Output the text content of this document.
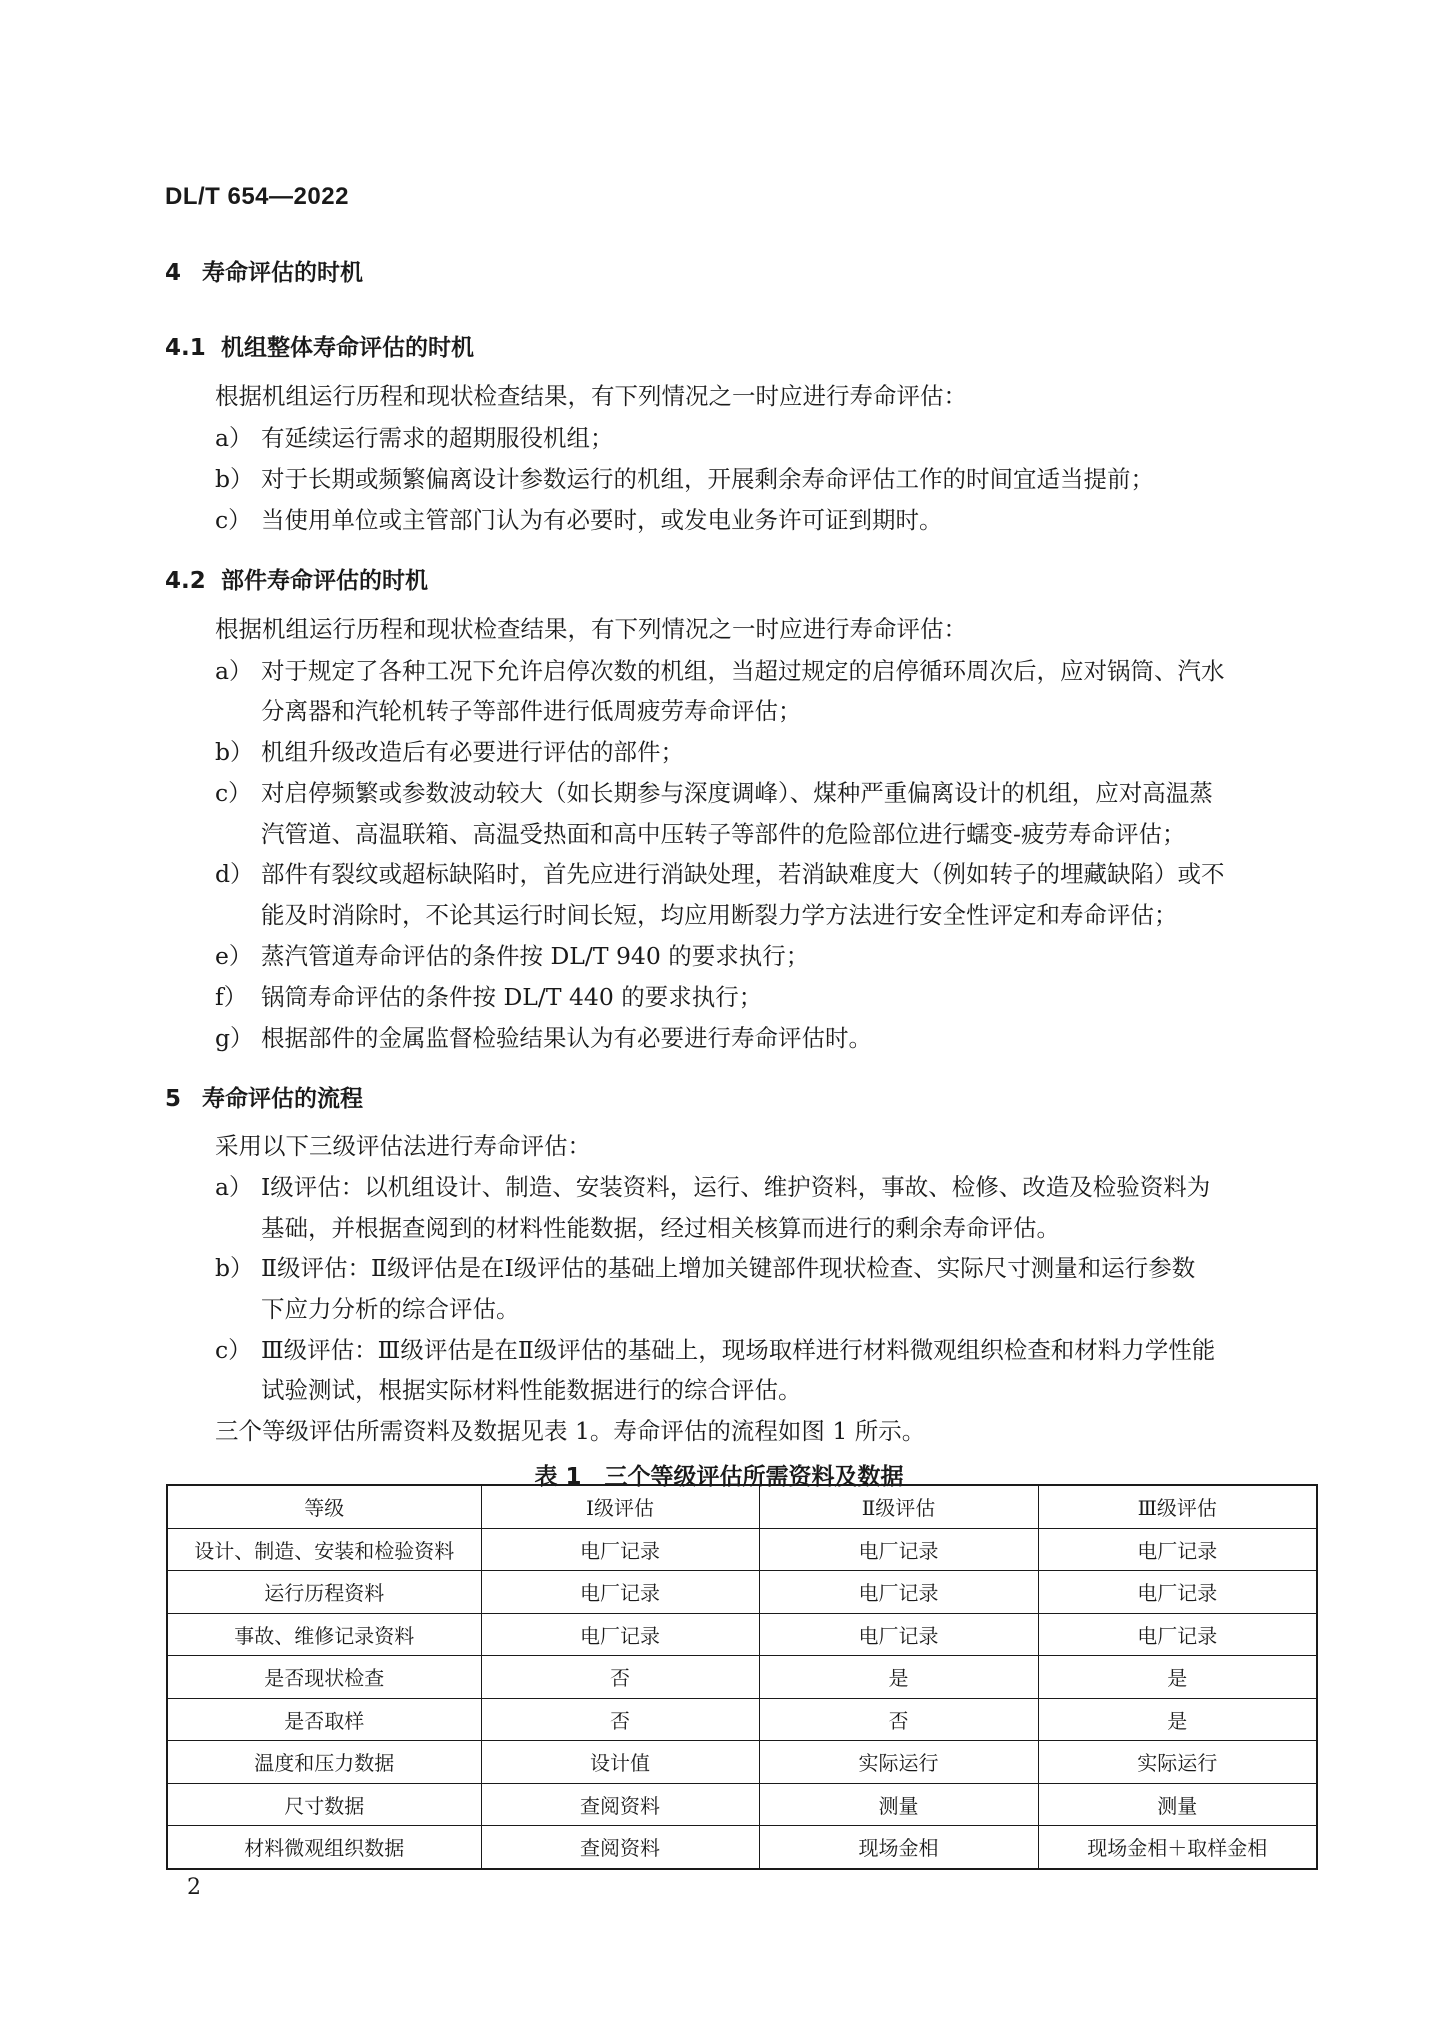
DL/T 654—2022
4 寿命评估的时机
4.1 机组整体寿命评估的时机
根据机组运行历程和现状检查结果，有下列情况之一时应进行寿命评估：
a） 有延续运行需求的超期服役机组；
b） 对于长期或频繁偏离设计参数运行的机组，开展剩余寿命评估工作的时间宜适当提前；
c） 当使用单位或主管部门认为有必要时，或发电业务许可证到期时。
4.2 部件寿命评估的时机
根据机组运行历程和现状检查结果，有下列情况之一时应进行寿命评估：
a） 对于规定了各种工况下允许启停次数的机组，当超过规定的启停循环周次后，应对锅筒、汽水
分离器和汽轮机转子等部件进行低周疲劳寿命评估；
b） 机组升级改造后有必要进行评估的部件；
c） 对启停频繁或参数波动较大（如长期参与深度调峰）、煤种严重偏离设计的机组，应对高温蒸
汽管道、高温联箱、高温受热面和高中压转子等部件的危险部位进行蠕变-疲劳寿命评估；
d） 部件有裂纹或超标缺陷时，首先应进行消缺处理，若消缺难度大（例如转子的埋藏缺陷）或不
能及时消除时，不论其运行时间长短，均应用断裂力学方法进行安全性评定和寿命评估；
e） 蒸汽管道寿命评估的条件按 DL/T 940 的要求执行；
f） 锅筒寿命评估的条件按 DL/T 440 的要求执行；
g） 根据部件的金属监督检验结果认为有必要进行寿命评估时。
5 寿命评估的流程
采用以下三级评估法进行寿命评估：
a） Ⅰ级评估：以机组设计、制造、安装资料，运行、维护资料，事故、检修、改造及检验资料为
基础，并根据查阅到的材料性能数据，经过相关核算而进行的剩余寿命评估。
b） Ⅱ级评估：Ⅱ级评估是在Ⅰ级评估的基础上增加关键部件现状检查、实际尺寸测量和运行参数
下应力分析的综合评估。
c） Ⅲ级评估：Ⅲ级评估是在Ⅱ级评估的基础上，现场取样进行材料微观组织检查和材料力学性能
试验测试，根据实际材料性能数据进行的综合评估。
三个等级评估所需资料及数据见表 1。寿命评估的流程如图 1 所示。
表 1　三个等级评估所需资料及数据
等级	Ⅰ级评估	Ⅱ级评估	Ⅲ级评估
设计、制造、安装和检验资料	电厂记录	电厂记录	电厂记录
运行历程资料	电厂记录	电厂记录	电厂记录
事故、维修记录资料	电厂记录	电厂记录	电厂记录
是否现状检查	否	是	是
是否取样	否	否	是
温度和压力数据	设计值	实际运行	实际运行
尺寸数据	查阅资料	测量	测量
材料微观组织数据	查阅资料	现场金相	现场金相＋取样金相
2
